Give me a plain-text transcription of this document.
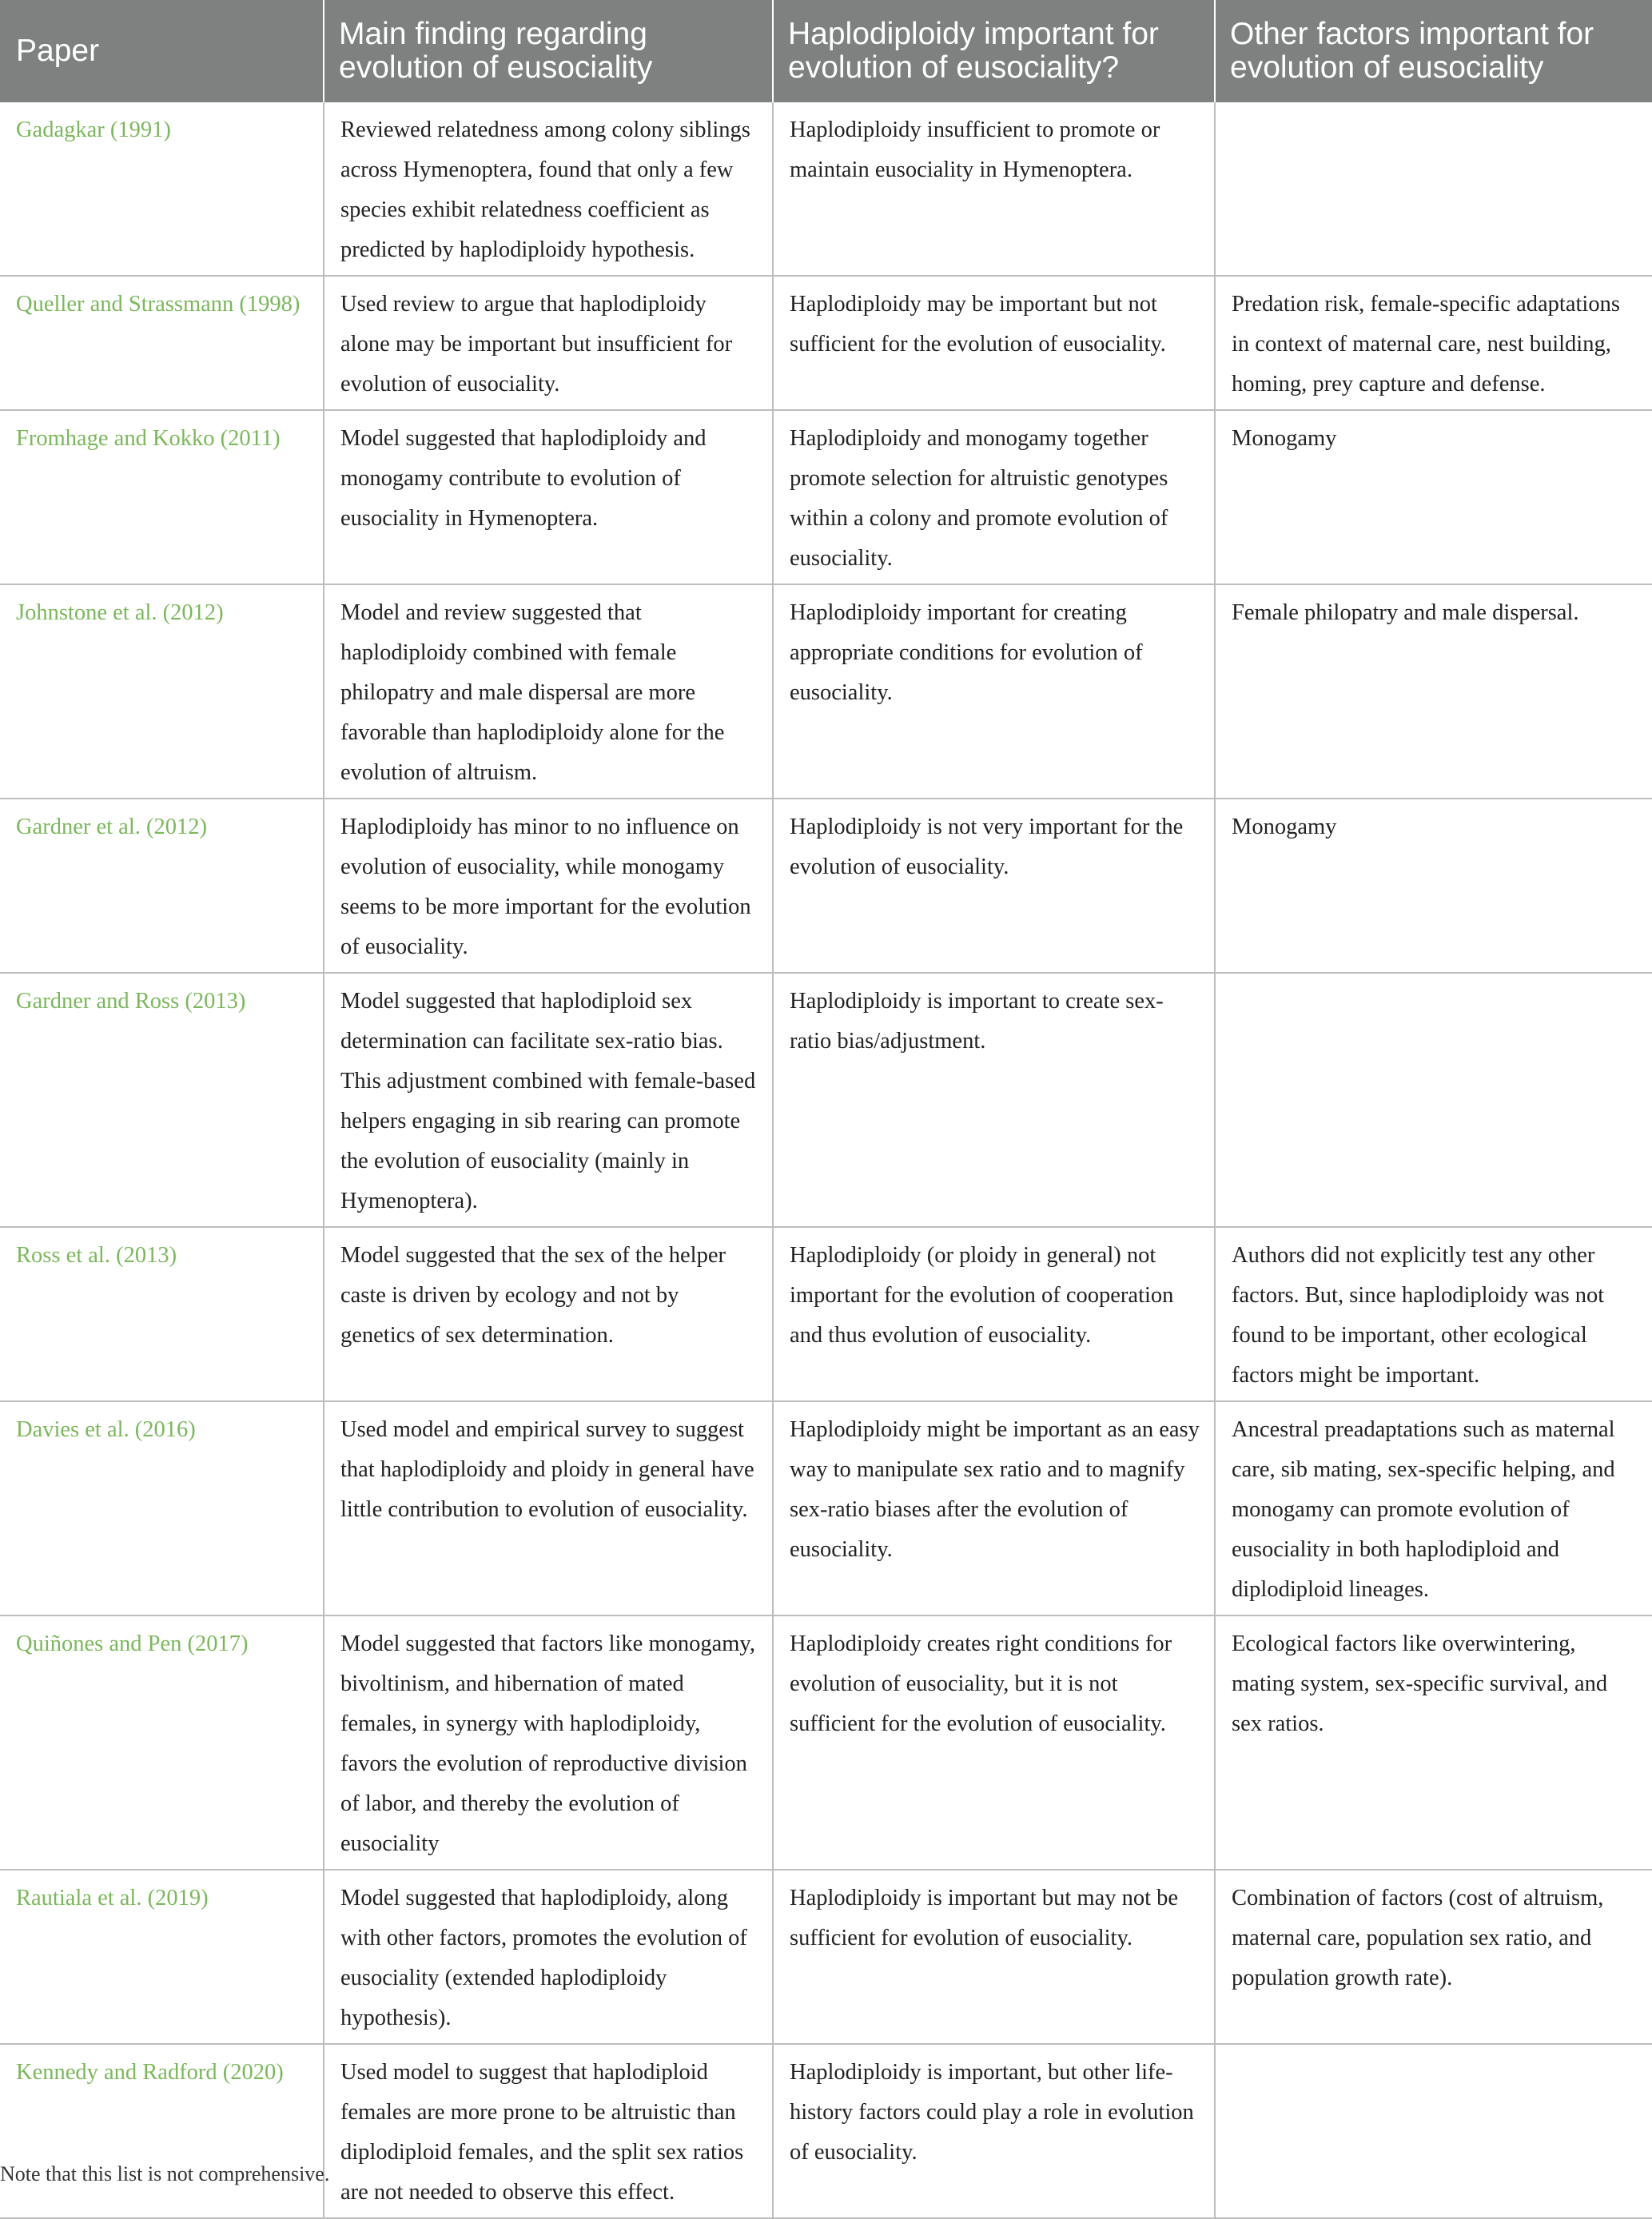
Paper	Main finding regarding evolution of eusociality	Haplodiploidy important for evolution of eusociality?	Other factors important for evolution of eusociality
Gadagkar (1991)	Reviewed relatedness among colony siblings across Hymenoptera, found that only a few species exhibit relatedness coefficient as predicted by haplodiploidy hypothesis.	Haplodiploidy insufficient to promote or maintain eusociality in Hymenoptera.	
Queller and Strassmann (1998)	Used review to argue that haplodiploidy alone may be important but insufficient for evolution of eusociality.	Haplodiploidy may be important but not sufficient for the evolution of eusociality.	Predation risk, female-specific adaptations in context of maternal care, nest building, homing, prey capture and defense.
Fromhage and Kokko (2011)	Model suggested that haplodiploidy and monogamy contribute to evolution of eusociality in Hymenoptera.	Haplodiploidy and monogamy together promote selection for altruistic genotypes within a colony and promote evolution of eusociality.	Monogamy
Johnstone et al. (2012)	Model and review suggested that haplodiploidy combined with female philopatry and male dispersal are more favorable than haplodiploidy alone for the evolution of altruism.	Haplodiploidy important for creating appropriate conditions for evolution of eusociality.	Female philopatry and male dispersal.
Gardner et al. (2012)	Haplodiploidy has minor to no influence on evolution of eusociality, while monogamy seems to be more important for the evolution of eusociality.	Haplodiploidy is not very important for the evolution of eusociality.	Monogamy
Gardner and Ross (2013)	Model suggested that haplodiploid sex determination can facilitate sex-ratio bias. This adjustment combined with female-based helpers engaging in sib rearing can promote the evolution of eusociality (mainly in Hymenoptera).	Haplodiploidy is important to create sex-ratio bias/adjustment.	
Ross et al. (2013)	Model suggested that the sex of the helper caste is driven by ecology and not by genetics of sex determination.	Haplodiploidy (or ploidy in general) not important for the evolution of cooperation and thus evolution of eusociality.	Authors did not explicitly test any other factors. But, since haplodiploidy was not found to be important, other ecological factors might be important.
Davies et al. (2016)	Used model and empirical survey to suggest that haplodiploidy and ploidy in general have little contribution to evolution of eusociality.	Haplodiploidy might be important as an easy way to manipulate sex ratio and to magnify sex-ratio biases after the evolution of eusociality.	Ancestral preadaptations such as maternal care, sib mating, sex-specific helping, and monogamy can promote evolution of eusociality in both haplodiploid and diplodiploid lineages.
Quiñones and Pen (2017)	Model suggested that factors like monogamy, bivoltinism, and hibernation of mated females, in synergy with haplodiploidy, favors the evolution of reproductive division of labor, and thereby the evolution of eusociality	Haplodiploidy creates right conditions for evolution of eusociality, but it is not sufficient for the evolution of eusociality.	Ecological factors like overwintering, mating system, sex-specific survival, and sex ratios.
Rautiala et al. (2019)	Model suggested that haplodiploidy, along with other factors, promotes the evolution of eusociality (extended haplodiploidy hypothesis).	Haplodiploidy is important but may not be sufficient for evolution of eusociality.	Combination of factors (cost of altruism, maternal care, population sex ratio, and population growth rate).
Kennedy and Radford (2020)	Used model to suggest that haplodiploid females are more prone to be altruistic than diplodiploid females, and the split sex ratios are not needed to observe this effect.	Haplodiploidy is important, but other life-history factors could play a role in evolution of eusociality.	
Note that this list is not comprehensive.
